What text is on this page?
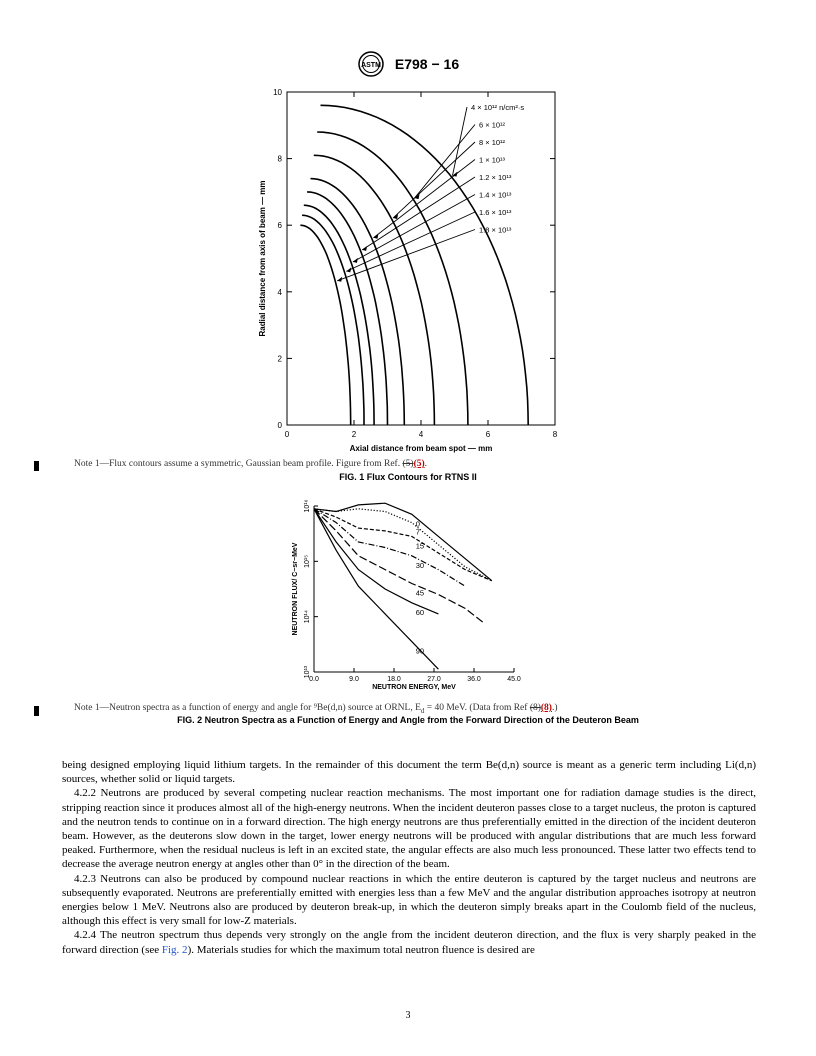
ASTM E798 − 16
0	2	4	6	8
0
2
4
6
8
10
Axial distance from beam spot — mm
Radial distance from axis of beam — mm
4 × 10¹² n/cm²·s
6 × 10¹²
8 × 10¹²
1 × 10¹³
1.2 × 10¹³
1.4 × 10¹³
1.6 × 10¹³
1.8 × 10¹³
Note 1—Flux contours assume a symmetric, Gaussian beam profile. Figure from Ref. (5)(5).
FIG. 1 Flux Contours for RTNS II
0.0	9.0	18.0	27.0	36.0	45.0
10¹³
10¹⁴
10¹⁵
10¹⁶
NEUTRON ENERGY, MeV
NEUTRON FLUX/ C−sr−MeV
0
7
15
30
45
60
90
Note 1—Neutron spectra as a function of energy and angle for ⁹Be(d,n) source at ORNL, $E_d = 40$ MeV. (Data from Ref (8)(8).)
FIG. 2 Neutron Spectra as a Function of Energy and Angle from the Forward Direction of the Deuteron Beam

being designed employing liquid lithium targets. In the remainder of this document the term Be(d,n) source is meant as a generic term including Li(d,n) sources, whether solid or liquid targets.

4.2.2 Neutrons are produced by several competing nuclear reaction mechanisms. The most important one for radiation damage studies is the direct, stripping reaction since it produces almost all of the high-energy neutrons. When the incident deuteron passes close to a target nucleus, the proton is captured and the neutron tends to continue on in a forward direction. The high energy neutrons are thus preferentially emitted in the direction of the incident deuteron beam. However, as the deuterons slow down in the target, lower energy neutrons will be produced with angular distributions that are much less forward peaked. Furthermore, when the residual nucleus is left in an excited state, the angular effects are also much less pronounced. These latter two effects tend to decrease the average neutron energy at angles other than 0° in the direction of the beam.

4.2.3 Neutrons can also be produced by compound nuclear reactions in which the entire deuteron is captured by the target nucleus and neutrons are subsequently evaporated. Neutrons are preferentially emitted with energies less than a few MeV and the angular distribution approaches isotropy at neutron energies below 1 MeV. Neutrons also are produced by deuteron break-up, in which the deuteron simply breaks apart in the Coulomb field of the nucleus, although this effect is very small for low-Z materials.

4.2.4 The neutron spectrum thus depends very strongly on the angle from the incident deuteron direction, and the flux is very sharply peaked in the forward direction (see Fig. 2). Materials studies for which the maximum total neutron fluence is desired are

3
